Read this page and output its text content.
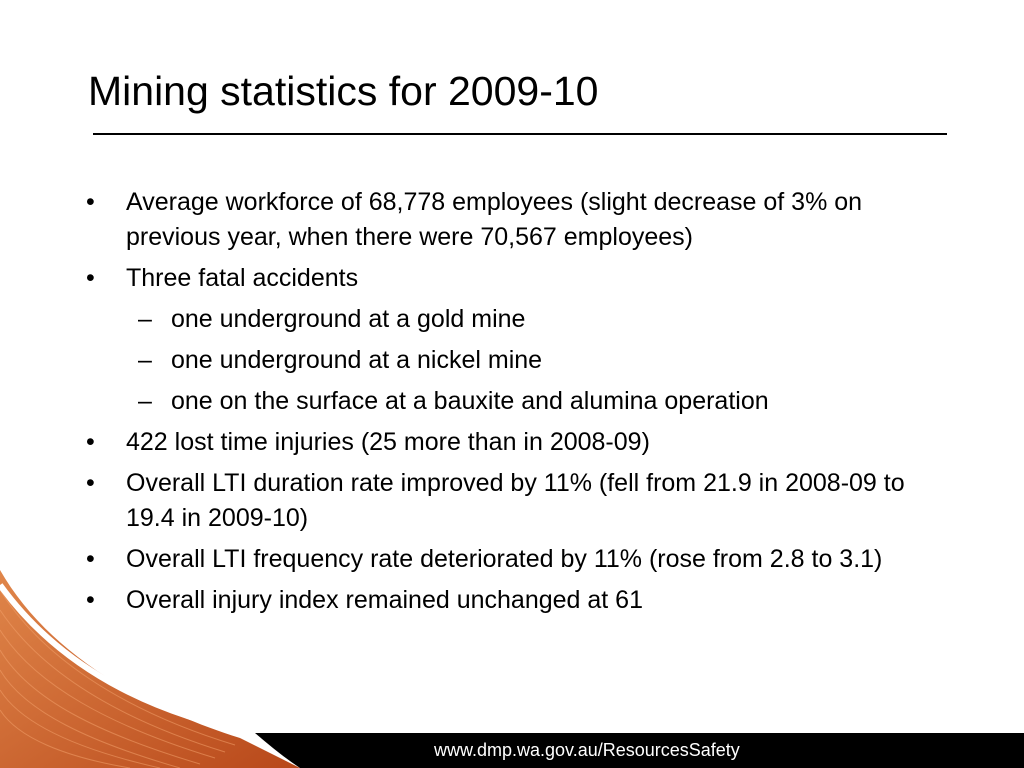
Mining statistics for 2009-10
•	Average workforce of 68,778 employees (slight decrease of 3% on previous year, when there were 70,567 employees)
•	Three fatal accidents
– one underground at a gold mine
– one underground at a nickel mine
– one on the surface at a bauxite and alumina operation
•	422 lost time injuries (25 more than in 2008-09)
•	Overall LTI duration rate improved by 11% (fell from 21.9 in 2008-09 to 19.4 in 2009-10)
•	Overall LTI frequency rate deteriorated by 11% (rose from 2.8 to 3.1)
•	Overall injury index remained unchanged at 61
www.dmp.wa.gov.au/ResourcesSafety
